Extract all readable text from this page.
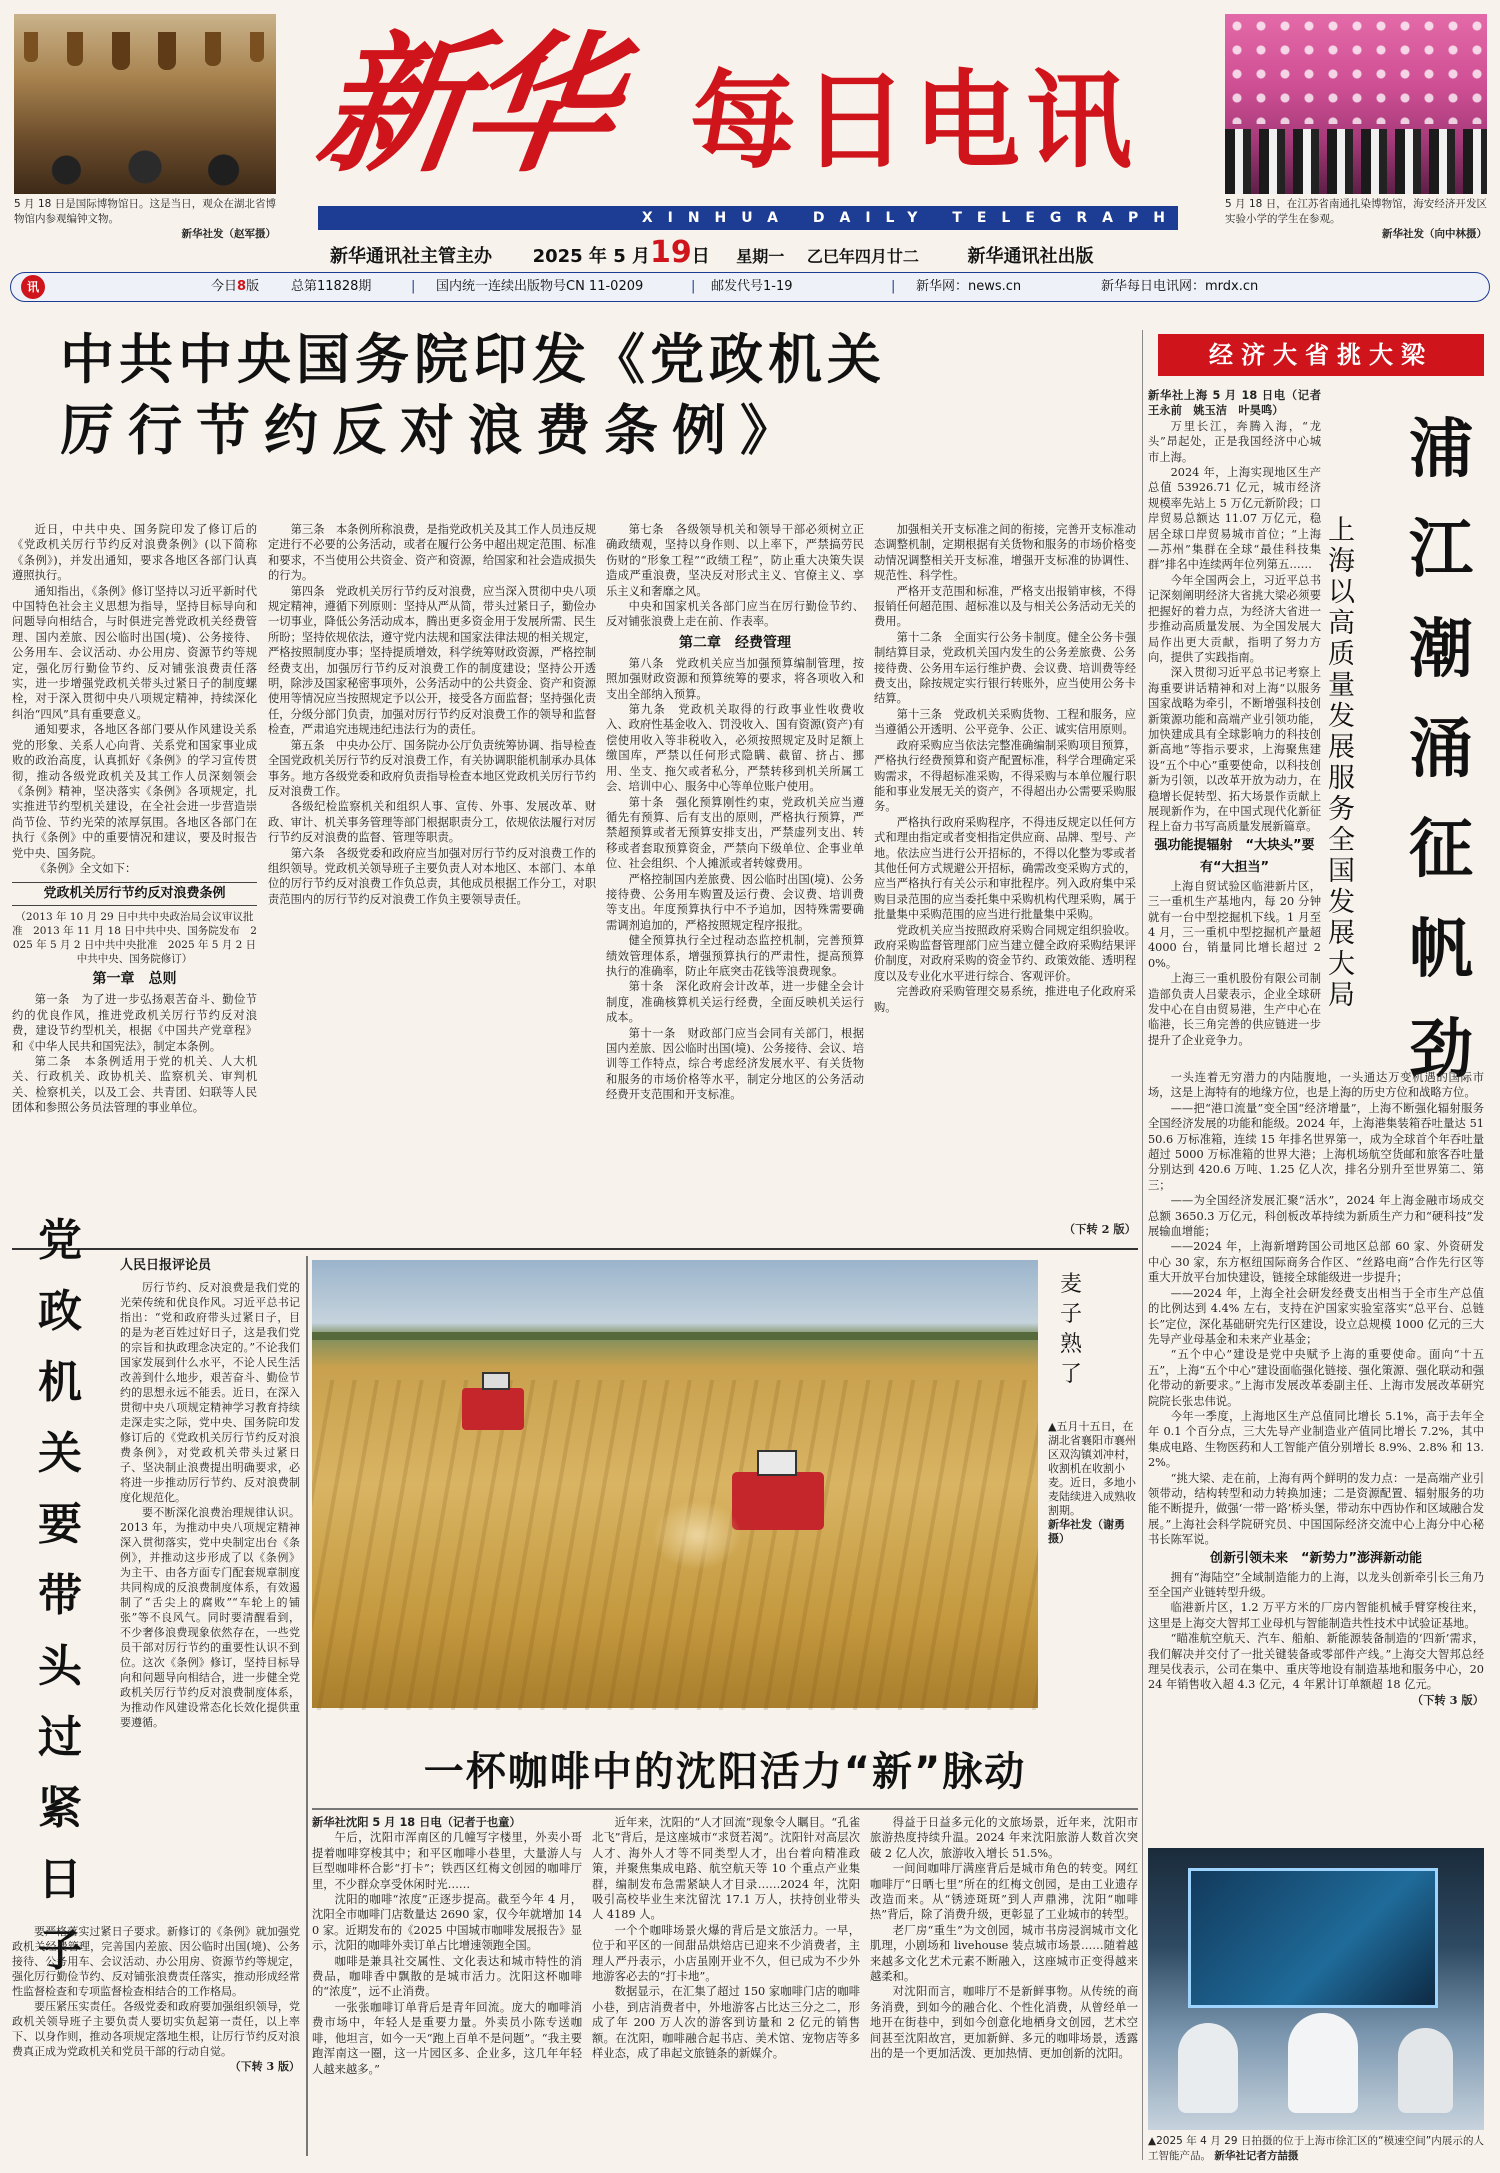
5 月 18 日是国际博物馆日。这是当日，观众在湖北省博物馆内参观编钟文物。

新华社发（赵军摄）
5 月 18 日，在江苏省南通扎染博物馆，海安经济开发区实验小学的学生在参观。

新华社发（向中林摄）
新华 每日电讯
XINHUA DAILY TELEGRAPH
新华通讯社主管主办 2025 年 5 月19日 星期一 乙巳年四月廿二	新华通讯社出版
讯	今日8版 总第11828期	| 国内统一连续出版物号CN 11-0209	| 邮发代号1-19	| 新华网：news.cn	新华每日电讯网：mrdx.cn
中共中央国务院印发《党政机关
厉行节约反对浪费条例》

近日，中共中央、国务院印发了修订后的《党政机关厉行节约反对浪费条例》(以下简称《条例》)，并发出通知，要求各地区各部门认真遵照执行。

通知指出，《条例》修订坚持以习近平新时代中国特色社会主义思想为指导，坚持目标导向和问题导向相结合，与时俱进完善党政机关经费管理、国内差旅、因公临时出国(境)、公务接待、公务用车、会议活动、办公用房、资源节约等规定，强化厉行勤俭节约、反对铺张浪费责任落实，进一步增强党政机关带头过紧日子的制度螺栓，对于深入贯彻中央八项规定精神，持续深化纠治“四风”具有重要意义。

通知要求，各地区各部门要从作风建设关系党的形象、关系人心向背、关系党和国家事业成败的政治高度，认真抓好《条例》的学习宣传贯彻，推动各级党政机关及其工作人员深刻领会《条例》精神，坚决落实《条例》各项规定，扎实推进节约型机关建设，在全社会进一步营造崇尚节俭、节约光荣的浓厚氛围。各地区各部门在执行《条例》中的重要情况和建议，要及时报告党中央、国务院。

《条例》全文如下：

党政机关厉行节约反对浪费条例
（2013 年 10 月 29 日中共中央政治局会议审议批准　2013 年 11 月 18 日中共中央、国务院发布　2025 年 5 月 2 日中共中央批准　2025 年 5 月 2 日中共中央、国务院修订）
第一章　总则

第一条　为了进一步弘扬艰苦奋斗、勤俭节约的优良作风，推进党政机关厉行节约反对浪费，建设节约型机关，根据《中国共产党章程》和《中华人民共和国宪法》，制定本条例。

第二条　本条例适用于党的机关、人大机关、行政机关、政协机关、监察机关、审判机关、检察机关，以及工会、共青团、妇联等人民团体和参照公务员法管理的事业单位。

第三条　本条例所称浪费，是指党政机关及其工作人员违反规定进行不必要的公务活动，或者在履行公务中超出规定范围、标准和要求，不当使用公共资金、资产和资源，给国家和社会造成损失的行为。

第四条　党政机关厉行节约反对浪费，应当深入贯彻中央八项规定精神，遵循下列原则：坚持从严从简，带头过紧日子，勤俭办一切事业，降低公务活动成本，腾出更多资金用于发展所需、民生所盼；坚持依规依法，遵守党内法规和国家法律法规的相关规定，严格按照制度办事；坚持提质增效，科学统筹财政资源，严格控制经费支出，加强厉行节约反对浪费工作的制度建设；坚持公开透明，除涉及国家秘密事项外，公务活动中的公共资金、资产和资源使用等情况应当按照规定予以公开，接受各方面监督；坚持强化责任，分级分部门负责，加强对厉行节约反对浪费工作的领导和监督检查，严肃追究违规违纪违法行为的责任。

第五条　中央办公厅、国务院办公厅负责统筹协调、指导检查全国党政机关厉行节约反对浪费工作，有关协调职能机制承办具体事务。地方各级党委和政府负责指导检查本地区党政机关厉行节约反对浪费工作。

各级纪检监察机关和组织人事、宣传、外事、发展改革、财政、审计、机关事务管理等部门根据职责分工，依规依法履行对厉行节约反对浪费的监督、管理等职责。

第六条　各级党委和政府应当加强对厉行节约反对浪费工作的组织领导。党政机关领导班子主要负责人对本地区、本部门、本单位的厉行节约反对浪费工作负总责，其他成员根据工作分工，对职责范围内的厉行节约反对浪费工作负主要领导责任。

第七条　各级领导机关和领导干部必须树立正确政绩观，坚持以身作则、以上率下，严禁搞劳民伤财的“形象工程”“政绩工程”，防止重大决策失误造成严重浪费，坚决反对形式主义、官僚主义、享乐主义和奢靡之风。

中央和国家机关各部门应当在厉行勤俭节约、反对铺张浪费上走在前、作表率。

第二章　经费管理

第八条　党政机关应当加强预算编制管理，按照加强财政资源和预算统筹的要求，将各项收入和支出全部纳入预算。

第九条　党政机关取得的行政事业性收费收入、政府性基金收入、罚没收入、国有资源(资产)有偿使用收入等非税收入，必须按照规定及时足额上缴国库，严禁以任何形式隐瞒、截留、挤占、挪用、坐支、拖欠或者私分，严禁转移到机关所属工会、培训中心、服务中心等单位账户使用。

第十条　强化预算刚性约束，党政机关应当遵循先有预算、后有支出的原则，严格执行预算，严禁超预算或者无预算安排支出，严禁虚列支出、转移或者套取预算资金，严禁向下级单位、企事业单位、社会组织、个人摊派或者转嫁费用。

严格控制国内差旅费、因公临时出国(境)、公务接待费、公务用车购置及运行费、会议费、培训费等支出。年度预算执行中不予追加，因特殊需要确需调剂追加的，严格按照规定程序报批。

健全预算执行全过程动态监控机制，完善预算绩效管理体系，增强预算执行的严肃性，提高预算执行的准确率，防止年底突击花钱等浪费现象。

第十条　深化政府会计改革，进一步健全会计制度，准确核算机关运行经费，全面反映机关运行成本。

第十一条　财政部门应当会同有关部门，根据国内差旅、因公临时出国(境)、公务接待、会议、培训等工作特点，综合考虑经济发展水平、有关货物和服务的市场价格等水平，制定分地区的公务活动经费开支范围和开支标准。

加强相关开支标准之间的衔接，完善开支标准动态调整机制，定期根据有关货物和服务的市场价格变动情况调整相关开支标准，增强开支标准的协调性、规范性、科学性。

严格开支范围和标准，严格支出报销审核，不得报销任何超范围、超标准以及与相关公务活动无关的费用。

第十二条　全面实行公务卡制度。健全公务卡强制结算目录，党政机关国内发生的公务差旅费、公务接待费、公务用车运行维护费、会议费、培训费等经费支出，除按规定实行银行转账外，应当使用公务卡结算。

第十三条　党政机关采购货物、工程和服务，应当遵循公开透明、公平竞争、公正、诚实信用原则。

政府采购应当依法完整准确编制采购项目预算，严格执行经费预算和资产配置标准，科学合理确定采购需求，不得超标准采购，不得采购与本单位履行职能和事业发展无关的资产，不得超出办公需要采购服务。

严格执行政府采购程序，不得违反规定以任何方式和理由指定或者变相指定供应商、品牌、型号、产地。依法应当进行公开招标的，不得以化整为零或者其他任何方式规避公开招标，确需改变采购方式的，应当严格执行有关公示和审批程序。列入政府集中采购目录范围的应当委托集中采购机构代理采购，属于批量集中采购范围的应当进行批量集中采购。

党政机关应当按照政府采购合同规定组织验收。政府采购监督管理部门应当建立健全政府采购结果评价制度，对政府采购的资金节约、政策效能、透明程度以及专业化水平进行综合、客观评价。

完善政府采购管理交易系统，推进电子化政府采购。

（下转 2 版）

经济大省挑大梁

新华社上海 5 月 18 日电（记者王永前　姚玉洁　叶昊鸣）

万里长江，奔腾入海，“龙头”昂起处，正是我国经济中心城市上海。

2024 年，上海实现地区生产总值 53926.71 亿元，城市经济规模率先站上 5 万亿元新阶段；口岸贸易总额达 11.07 万亿元，稳居全球口岸贸易城市首位；“上海—苏州”集群在全球“最佳科技集群”排名中连续两年位列第五……

今年全国两会上，习近平总书记深刻阐明经济大省挑大梁必须要把握好的着力点，为经济大省进一步推动高质量发展、为全国发展大局作出更大贡献，指明了努力方向，提供了实践指南。

深入贯彻习近平总书记考察上海重要讲话精神和对上海“以服务国家战略为牵引，不断增强科技创新策源功能和高端产业引领功能，加快建成具有全球影响力的科技创新高地”等指示要求，上海聚焦建设“五个中心”重要使命，以科技创新为引领，以改革开放为动力，在稳增长促转型、拓大场景作贡献上展现新作为，在中国式现代化新征程上奋力书写高质量发展新篇章。

强功能提辐射　“大块头”要有“大担当”

上海自贸试验区临港新片区，三一重机生产基地内，每 20 分钟就有一台中型挖掘机下线。1 月至 4 月，三一重机中型挖掘机产量超 4000 台，销量同比增长超过 20%。

上海三一重机股份有限公司制造部负责人吕蒙表示，企业全球研发中心在自由贸易港，生产中心在临港，长三角完善的供应链进一步提升了企业竞争力。

上海以高质量发展服务全国发展大局
浦江潮涌征帆劲

一头连着无穷潜力的内陆腹地，一头通达万变机遇的国际市场，这是上海特有的地缘方位，也是上海的历史方位和战略方位。

——把“港口流量”变全国“经济增量”，上海不断强化辐射服务全国经济发展的功能和能级。2024 年，上海港集装箱吞吐量达 5150.6 万标准箱，连续 15 年排名世界第一，成为全球首个年吞吐量超过 5000 万标准箱的世界大港；上海机场航空货邮和旅客吞吐量分别达到 420.6 万吨、1.25 亿人次，排名分别升至世界第二、第三；

——为全国经济发展汇聚“活水”，2024 年上海金融市场成交总额 3650.3 万亿元，科创板改革持续为新质生产力和“硬科技”发展输血增能；

——2024 年，上海新增跨国公司地区总部 60 家、外资研发中心 30 家，东方枢纽国际商务合作区、“丝路电商”合作先行区等重大开放平台加快建设，链接全球能级进一步提升；

——2024 年，上海全社会研发经费支出相当于全市生产总值的比例达到 4.4% 左右，支持在沪国家实验室落实“总平台、总链长”定位，深化基础研究先行区建设，设立总规模 1000 亿元的三大先导产业母基金和未来产业基金；

“五个中心”建设是党中央赋予上海的重要使命。面向“十五五”，上海“五个中心”建设面临强化链接、强化策源、强化联动和强化带动的新要求。”上海市发展改革委副主任、上海市发展改革研究院院长张忠伟说。

今年一季度，上海地区生产总值同比增长 5.1%，高于去年全年 0.1 个百分点，三大先导产业制造业产值同比增长 7.2%，其中集成电路、生物医药和人工智能产值分别增长 8.9%、2.8% 和 13.2%。

“挑大梁、走在前，上海有两个鲜明的发力点：一是高端产业引领带动，结构转型和动力转换加速；二是资源配置、辐射服务的功能不断提升，做强‘一带一路’桥头堡，带动东中西协作和区域融合发展。”上海社会科学院研究员、中国国际经济交流中心上海分中心秘书长陈军说。

创新引领未来　“新势力”澎湃新动能

拥有“海陆空”全域制造能力的上海，以龙头创新牵引长三角乃至全国产业链转型升级。

临港新片区，1.2 万平方米的厂房内智能机械手臂穿梭往来，这里是上海交大智邦工业母机与智能制造共性技术中试验证基地。

“瞄准航空航天、汽车、船舶、新能源装备制造的‘四新’需求，我们解决并交付了一批关键装备或零部件产线。”上海交大智邦总经理吴伐表示，公司在集中、重庆等地设有制造基地和服务中心，2024 年销售收入超 4.3 亿元，4 年累计订单额超 18 亿元。

（下转 3 版）

▲2025 年 4 月 29 日拍摄的位于上海市徐汇区的“模速空间”内展示的人工智能产品。 新华社记者方喆摄
党政机关要带头过紧日子
人民日报评论员

厉行节约、反对浪费是我们党的光荣传统和优良作风。习近平总书记指出：“党和政府带头过紧日子，目的是为老百姓过好日子，这是我们党的宗旨和执政理念决定的。”不论我们国家发展到什么水平，不论人民生活改善到什么地步，艰苦奋斗、勤俭节约的思想永远不能丢。近日，在深入贯彻中央八项规定精神学习教育持续走深走实之际，党中央、国务院印发修订后的《党政机关厉行节约反对浪费条例》，对党政机关带头过紧日子、坚决制止浪费提出明确要求，必将进一步推动厉行节约、反对浪费制度化规范化。

要不断深化浪费治理规律认识。2013 年，为推动中央八项规定精神深入贯彻落实，党中央制定出台《条例》，并推动这步形成了以《条例》为主干、由各方面专门配套规章制度共同构成的反浪费制度体系，有效遏制了“舌尖上的腐败”“车轮上的铺张”等不良风气。同时要清醒看到，不少奢侈浪费现象依然存在，一些党员干部对厉行节约的重要性认识不到位。这次《条例》修订，坚持目标导向和问题导向相结合，进一步健全党政机关厉行节约反对浪费制度体系，为推动作风建设常态化长效化提供重要遵循。

要严格落实过紧日子要求。新修订的《条例》就加强党政机关经费管理，完善国内差旅、因公临时出国(境)、公务接待、公务用车、会议活动、办公用房、资源节约等规定，强化厉行勤俭节约、反对铺张浪费责任落实，推动形成经常性监督检查和专项监督检查相结合的工作格局。

要压紧压实责任。各级党委和政府要加强组织领导，党政机关领导班子主要负责人要切实负起第一责任，以上率下、以身作则，推动各项规定落地生根，让厉行节约反对浪费真正成为党政机关和党员干部的行动自觉。

（下转 3 版）

麦子熟了
▲五月十五日，在湖北省襄阳市襄州区双沟镇刘冲村，收割机在收割小麦。近日，多地小麦陆续进入成熟收割期。
新华社发（谢勇摄）
一杯咖啡中的沈阳活力“新”脉动

新华社沈阳 5 月 18 日电（记者于也童）

午后，沈阳市浑南区的几幢写字楼里，外卖小哥提着咖啡穿梭其中；和平区咖啡小巷里，大量游人与巨型咖啡杯合影“打卡”；铁西区红梅文创园的咖啡厅里，不少群众享受休闲时光……

沈阳的咖啡“浓度”正逐步提高。截至今年 4 月，沈阳全市咖啡门店数量达 2690 家，仅今年就增加 140 家。近期发布的《2025 中国城市咖啡发展报告》显示，沈阳的咖啡外卖订单占比增速领跑全国。

咖啡是兼具社交属性、文化表达和城市特性的消费品，咖啡香中飘散的是城市活力。沈阳这杯咖啡的“浓度”，远不止消费。

一张张咖啡订单背后是青年回流。庞大的咖啡消费市场中，年轻人是重要力量。外卖员小陈专送咖啡，他坦言，如今一天“跑上百单不是问题”。“我主要跑浑南这一圈，这一片园区多、企业多，这几年年轻人越来越多。”

近年来，沈阳的“人才回流”现象令人瞩目。“孔雀北飞”背后，是这座城市“求贤若渴”。沈阳针对高层次人才、海外人才等不同类型人才，出台着向精准政策，并聚焦集成电路、航空航天等 10 个重点产业集群，编制发布急需紧缺人才目录……2024 年，沈阳吸引高校毕业生来沈留沈 17.1 万人，扶持创业带头人 4189 人。

一个个咖啡场景火爆的背后是文旅活力。一早，位于和平区的一间甜品烘焙店已迎来不少消费者，主理人严丹表示，小店虽刚开业不久，但已成为不少外地游客必去的“打卡地”。

数据显示，在汇集了超过 150 家咖啡门店的咖啡小巷，到店消费者中，外地游客占比达三分之二，形成了年 200 万人次的游客到访量和 2 亿元的销售额。在沈阳，咖啡融合起书店、美术馆、宠物店等多样业态，成了串起文旅链条的新媒介。

得益于日益多元化的文旅场景，近年来，沈阳市旅游热度持续升温。2024 年来沈阳旅游人数首次突破 2 亿人次，旅游收入增长 51.5%。

一间间咖啡厅满座背后是城市角色的转变。网红咖啡厅“日晒七里”所在的红梅文创园，是由工业遗存改造而来。从“锈迹斑斑”到人声鼎沸，沈阳“咖啡热”背后，除了消费升级，更彰显了工业城市的转型。

老厂房“重生”为文创园，城市书房浸润城市文化肌理，小剧场和 livehouse 装点城市场景……随着越来越多文化艺术元素不断融入，这座城市正变得越来越柔和。

对沈阳而言，咖啡厅不是新鲜事物。从传统的商务消费，到如今的融合化、个性化消费，从曾经单一地开在街巷中，到如今创意化地栖身文创园，艺术空间甚至沈阳故宫，更加新鲜、多元的咖啡场景，透露出的是一个更加活泼、更加热情、更加创新的沈阳。
